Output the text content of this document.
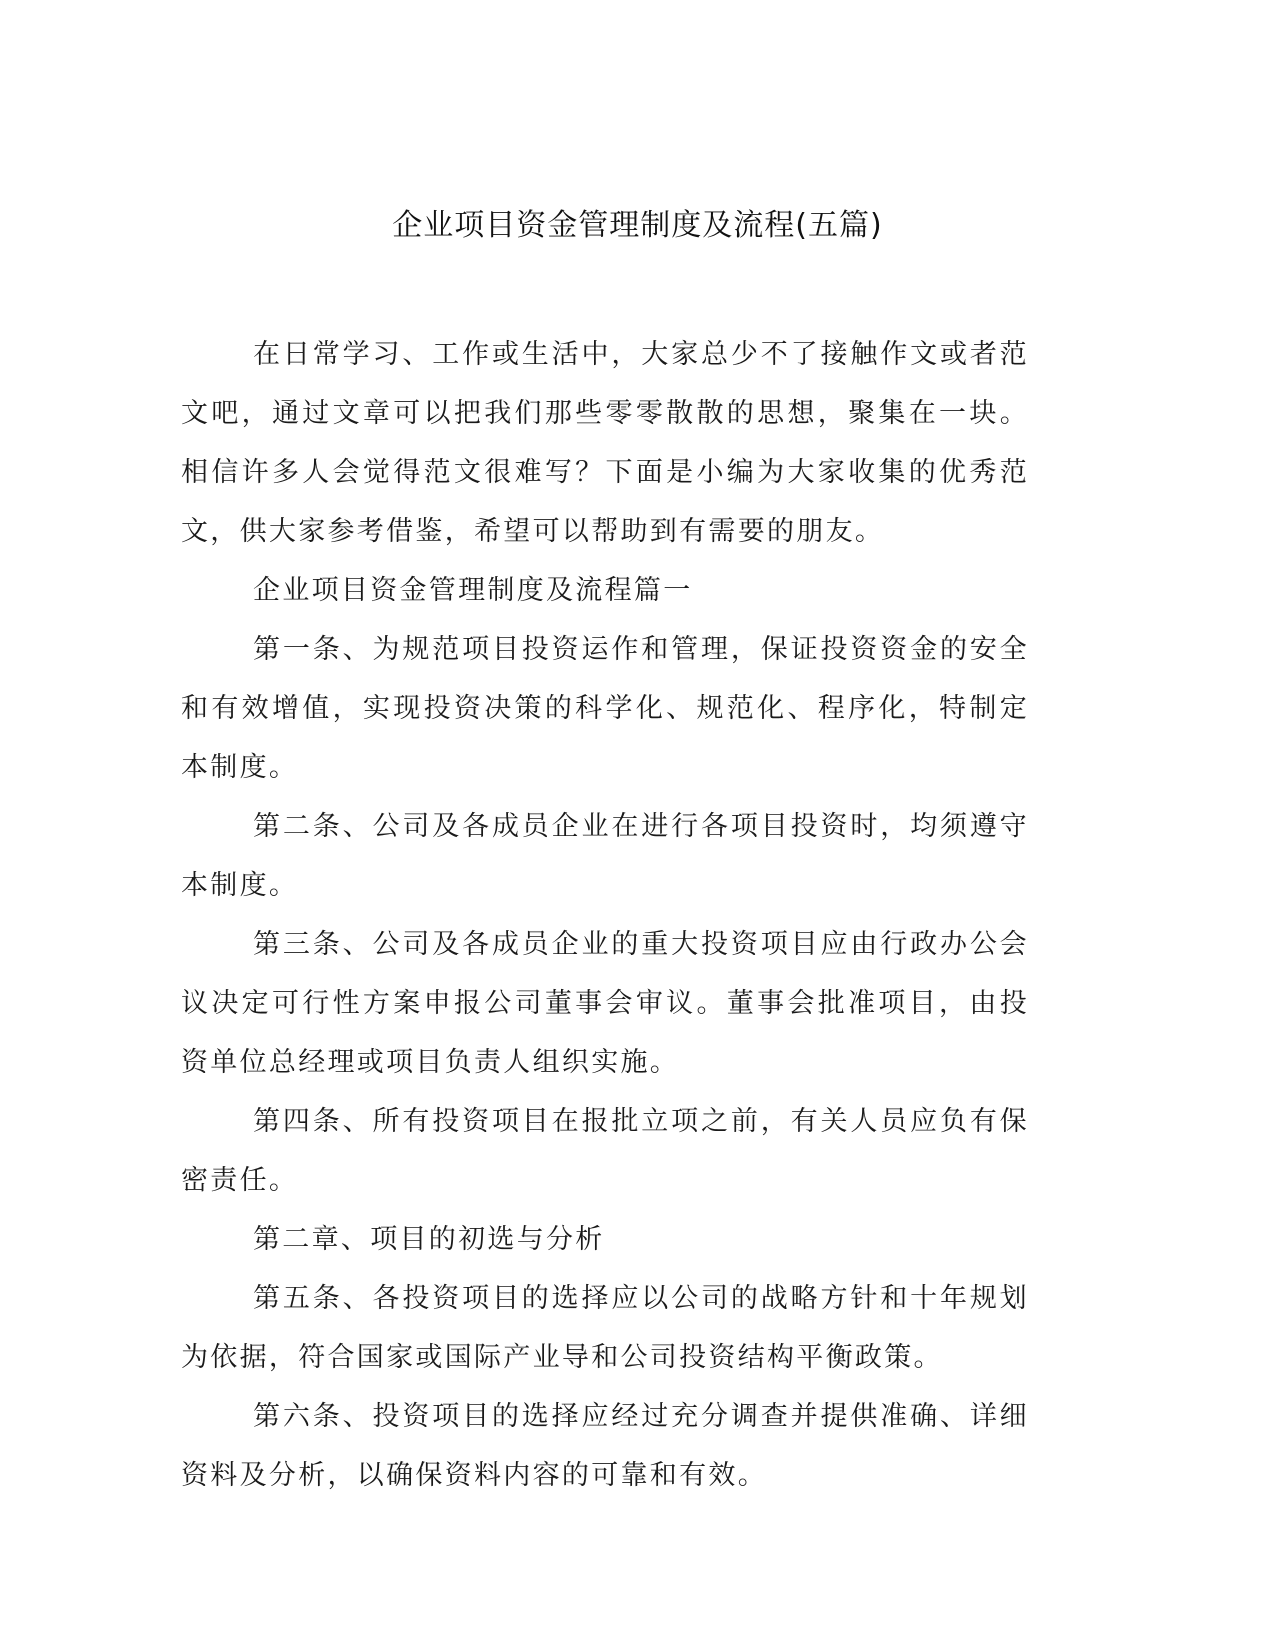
企业项目资金管理制度及流程(五篇)

在日常学习、工作或生活中，大家总少不了接触作文或者范文吧，通过文章可以把我们那些零零散散的思想，聚集在一块。相信许多人会觉得范文很难写？下面是小编为大家收集的优秀范文，供大家参考借鉴，希望可以帮助到有需要的朋友。

企业项目资金管理制度及流程篇一

第一条、为规范项目投资运作和管理，保证投资资金的安全和有效增值，实现投资决策的科学化、规范化、程序化，特制定本制度。

第二条、公司及各成员企业在进行各项目投资时，均须遵守本制度。

第三条、公司及各成员企业的重大投资项目应由行政办公会议决定可行性方案申报公司董事会审议。董事会批准项目，由投资单位总经理或项目负责人组织实施。

第四条、所有投资项目在报批立项之前，有关人员应负有保密责任。

第二章、项目的初选与分析

第五条、各投资项目的选择应以公司的战略方针和十年规划为依据，符合国家或国际产业导和公司投资结构平衡政策。

第六条、投资项目的选择应经过充分调查并提供准确、详细资料及分析，以确保资料内容的可靠和有效。
